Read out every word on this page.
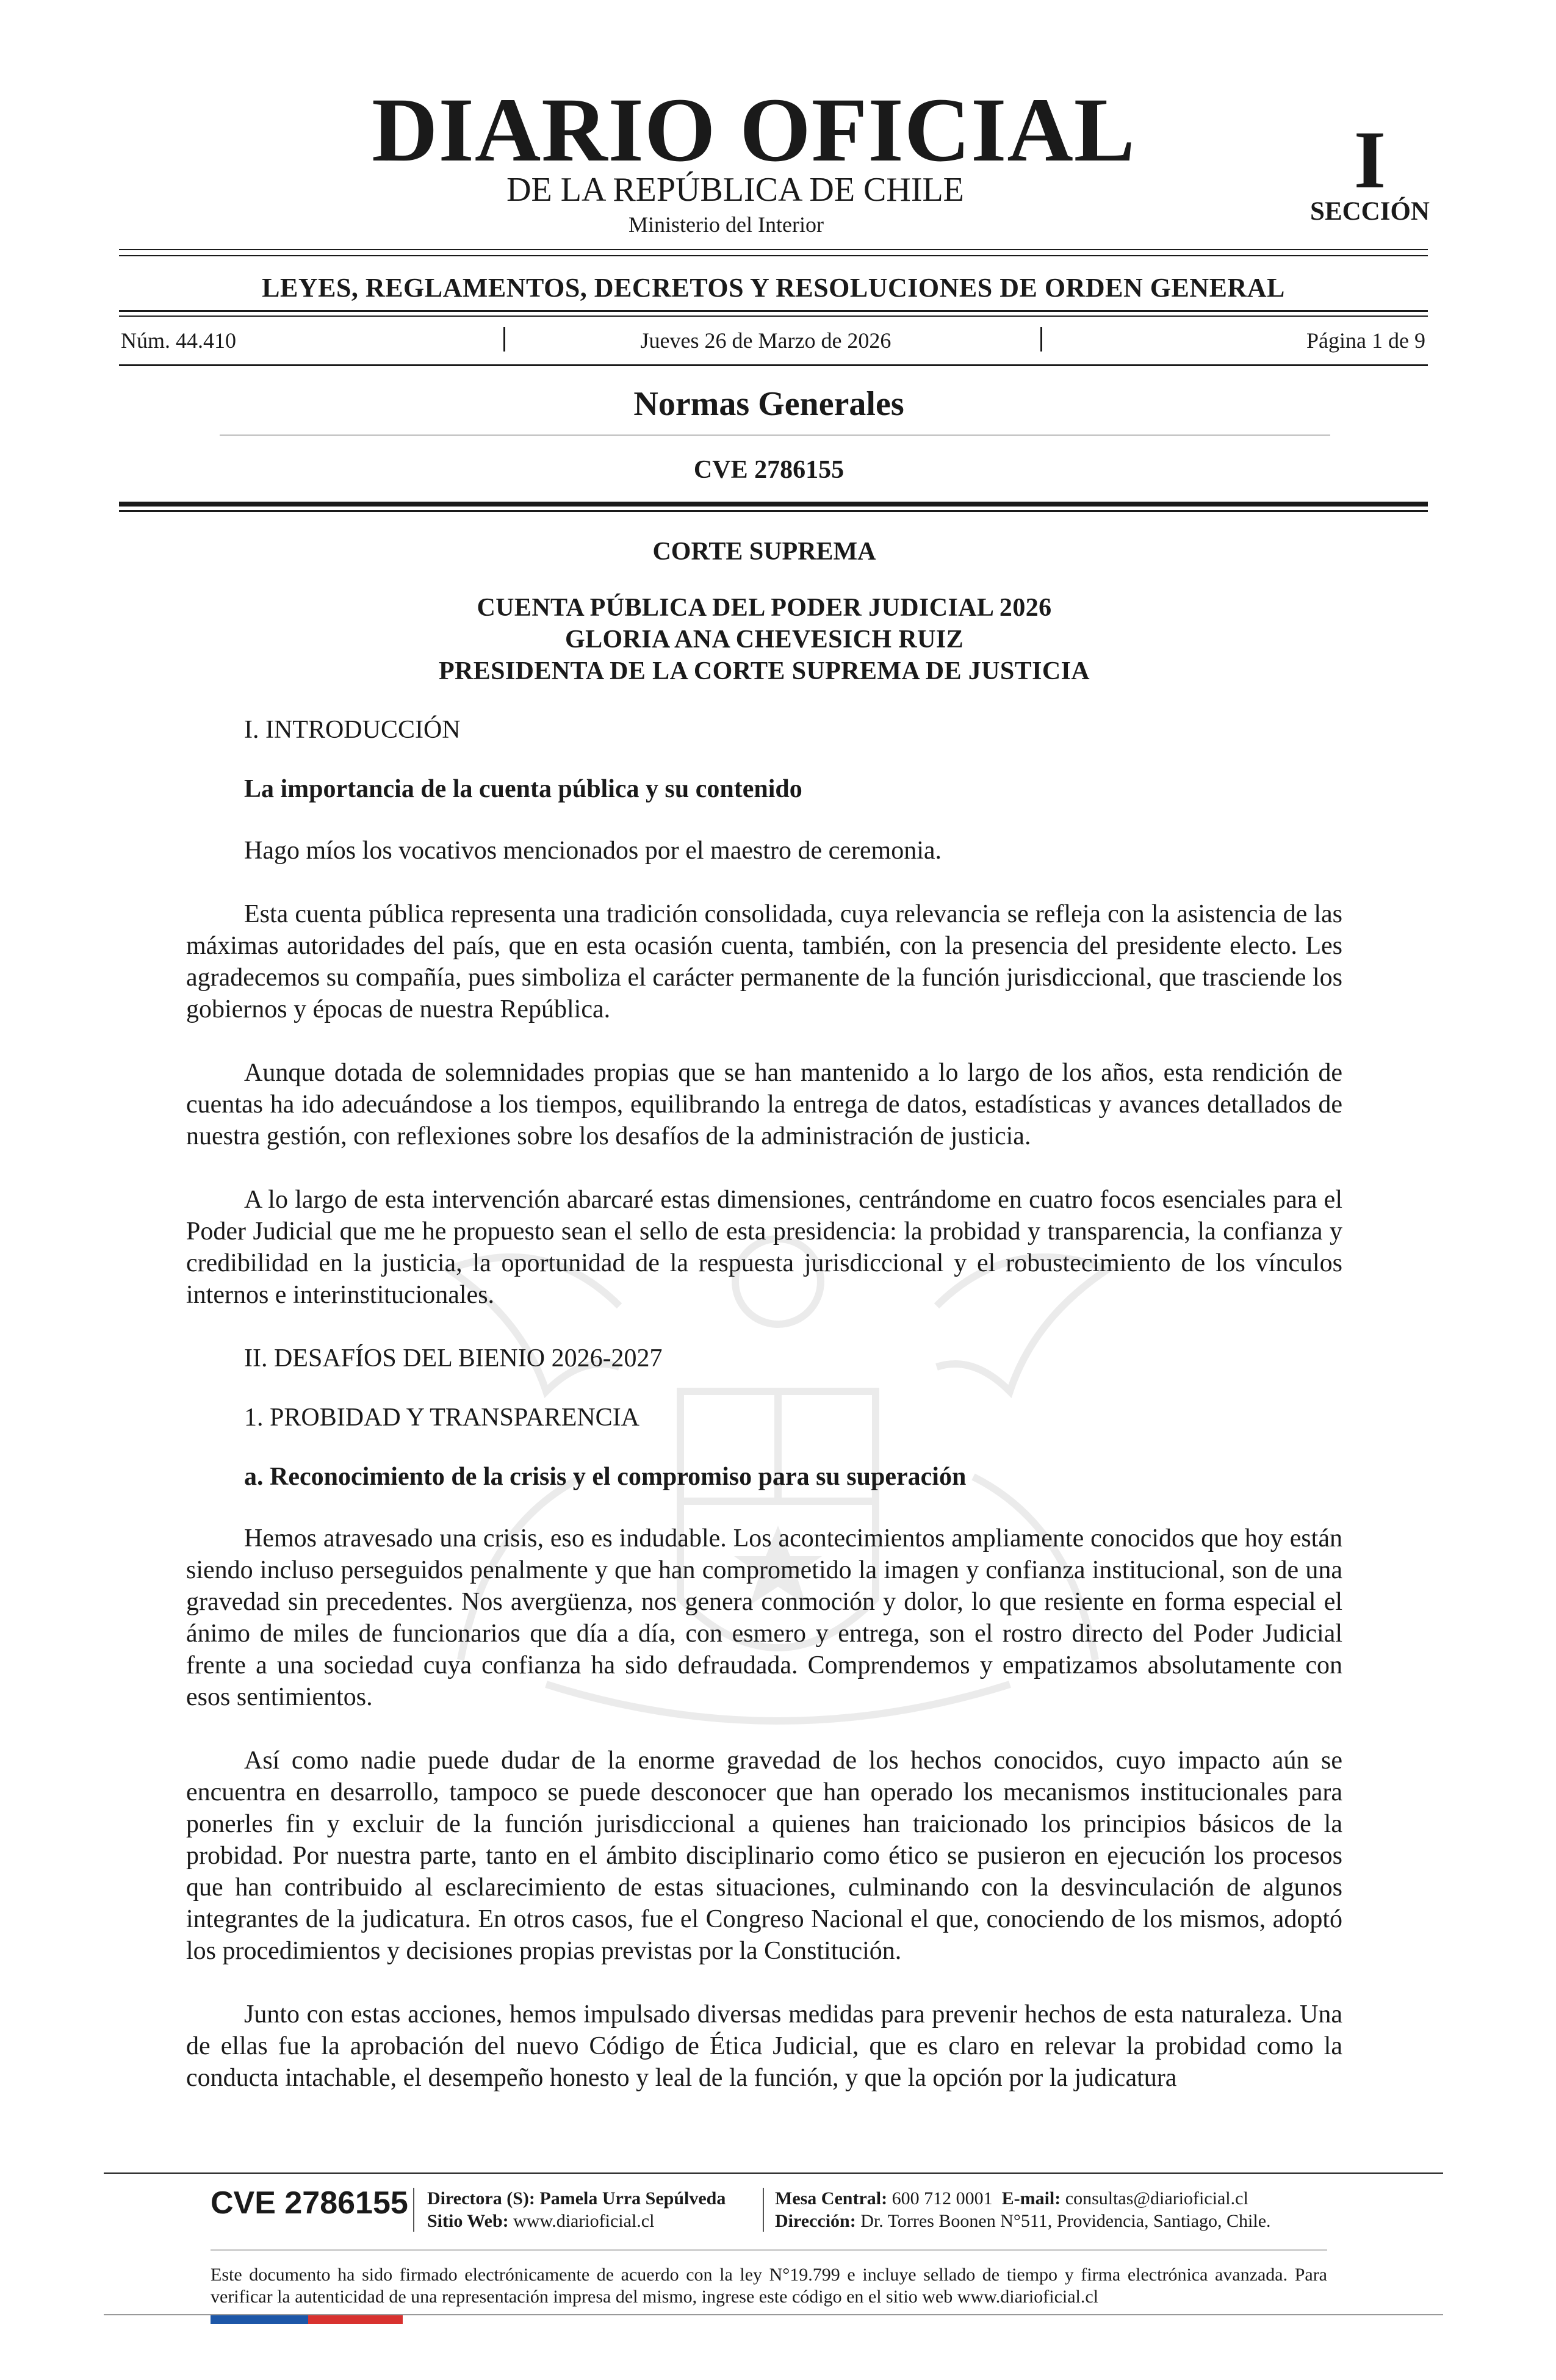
DIARIO OFICIAL
DE LA REPÚBLICA DE CHILE
Ministerio del Interior
I
SECCIÓN
LEYES, REGLAMENTOS, DECRETOS Y RESOLUCIONES DE ORDEN GENERAL
Núm. 44.410	Jueves 26 de Marzo de 2026	Página 1 de 9
Normas Generales
CVE 2786155

CORTE SUPREMA

CUENTA PÚBLICA DEL PODER JUDICIAL 2026
GLORIA ANA CHEVESICH RUIZ
PRESIDENTA DE LA CORTE SUPREMA DE JUSTICIA

I. INTRODUCCIÓN

La importancia de la cuenta pública y su contenido

Hago míos los vocativos mencionados por el maestro de ceremonia.

Esta cuenta pública representa una tradición consolidada, cuya relevancia se refleja con la asistencia de las máximas autoridades del país, que en esta ocasión cuenta, también, con la presencia del presidente electo. Les agradecemos su compañía, pues simboliza el carácter permanente de la función jurisdiccional, que trasciende los gobiernos y épocas de nuestra República.

Aunque dotada de solemnidades propias que se han mantenido a lo largo de los años, esta rendición de cuentas ha ido adecuándose a los tiempos, equilibrando la entrega de datos, estadísticas y avances detallados de nuestra gestión, con reflexiones sobre los desafíos de la administración de justicia.

A lo largo de esta intervención abarcaré estas dimensiones, centrándome en cuatro focos esenciales para el Poder Judicial que me he propuesto sean el sello de esta presidencia: la probidad y transparencia, la confianza y credibilidad en la justicia, la oportunidad de la respuesta jurisdiccional y el robustecimiento de los vínculos internos e interinstitucionales.

II. DESAFÍOS DEL BIENIO 2026-2027

1. PROBIDAD Y TRANSPARENCIA

a. Reconocimiento de la crisis y el compromiso para su superación

Hemos atravesado una crisis, eso es indudable. Los acontecimientos ampliamente conocidos que hoy están siendo incluso perseguidos penalmente y que han comprometido la imagen y confianza institucional, son de una gravedad sin precedentes. Nos avergüenza, nos genera conmoción y dolor, lo que resiente en forma especial el ánimo de miles de funcionarios que día a día, con esmero y entrega, son el rostro directo del Poder Judicial frente a una sociedad cuya confianza ha sido defraudada. Comprendemos y empatizamos absolutamente con esos sentimientos.

Así como nadie puede dudar de la enorme gravedad de los hechos conocidos, cuyo impacto aún se encuentra en desarrollo, tampoco se puede desconocer que han operado los mecanismos institucionales para ponerles fin y excluir de la función jurisdiccional a quienes han traicionado los principios básicos de la probidad. Por nuestra parte, tanto en el ámbito disciplinario como ético se pusieron en ejecución los procesos que han contribuido al esclarecimiento de estas situaciones, culminando con la desvinculación de algunos integrantes de la judicatura. En otros casos, fue el Congreso Nacional el que, conociendo de los mismos, adoptó los procedimientos y decisiones propias previstas por la Constitución.

Junto con estas acciones, hemos impulsado diversas medidas para prevenir hechos de esta naturaleza. Una de ellas fue la aprobación del nuevo Código de Ética Judicial, que es claro en relevar la probidad como la conducta intachable, el desempeño honesto y leal de la función, y que la opción por la judicatura

CVE 2786155 Directora (S): Pamela Urra Sepúlveda
Sitio Web: www.diarioficial.cl
Mesa Central: 600 712 0001 E-mail: consultas@diarioficial.cl
Dirección: Dr. Torres Boonen N°511, Providencia, Santiago, Chile.
Este documento ha sido firmado electrónicamente de acuerdo con la ley N°19.799 e incluye sellado de tiempo y firma electrónica avanzada. Para verificar la autenticidad de una representación impresa del mismo, ingrese este código en el sitio web www.diarioficial.cl
